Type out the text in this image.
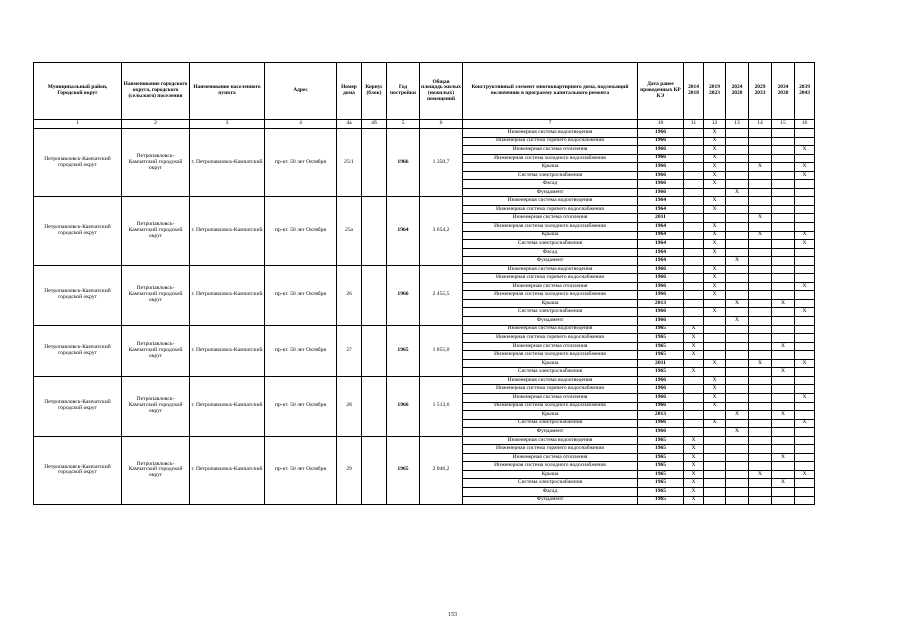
Муниципальный район, Городской округ	Наименование городского округа, городского (сельского) поселения	Наименование населенного пункта	Адрес	Номер дома	Корпус (блок)	Год постройки	Общая площадь жилых (нежилых) помещений	Конструктивный элемент многоквартирного дома, подлежащий включению в программу капитального ремонта	Дата ранее проведенных КР КЭ	2014 2018	2019 2023	2024 2028	2029 2033	2034 2038	2039 2043
1	2	3	4	4а	4б	5	6	7	10	11	12	13	14	15	16
Петропавловск-Камчатский городской округ	Петропавловск-Камчатский городской округ	г. Петропавловск-Камчатский	пр-кт. 50 лет Октября	25/1		1966	1 350,7	Инженерная система водоотведения	1966		X				
								Инженерная система горячего водоснабжения	1966		X				
								Инженерная система отопления	1966		X				X
								Инженерная система холодного водоснабжения	1966		X				
								Крыша	1966		X		X		X
								Система электроснабжения	1966		X				X
								Фасад	1966		X				
								Фундамент	1966			X			
Петропавловск-Камчатский городской округ	Петропавловск-Камчатский городской округ	г. Петропавловск-Камчатский	пр-кт. 50 лет Октября	25а		1964	3 654,2	Инженерная система водоотведения	1964		X				
								Инженерная система горячего водоснабжения	1964		X				
								Инженерная система отопления	2011				X		
								Инженерная система холодного водоснабжения	1964		X				
								Крыша	1964		X		X		X
								Система электроснабжения	1964		X				X
								Фасад	1964		X				
								Фундамент	1964			X			
Петропавловск-Камчатский городской округ	Петропавловск-Камчатский городской округ	г. Петропавловск-Камчатский	пр-кт. 50 лет Октября	26		1966	2 455,5	Инженерная система водоотведения	1966		X				
								Инженерная система горячего водоснабжения	1966		X				
								Инженерная система отопления	1966		X				X
								Инженерная система холодного водоснабжения	1966		X				
								Крыша	2013			X		X	
								Система электроснабжения	1966		X				X
								Фундамент	1966			X			
Петропавловск-Камчатский городской округ	Петропавловск-Камчатский городской округ	г. Петропавловск-Камчатский	пр-кт. 50 лет Октября	27		1965	1 855,0	Инженерная система водоотведения	1965	X					
								Инженерная система горячего водоснабжения	1965	X					
								Инженерная система отопления	1965	X				X	
								Инженерная система холодного водоснабжения	1965	X					
								Крыша	2011		X		X		X
								Система электроснабжения	1965	X				X	
Петропавловск-Камчатский городской округ	Петропавловск-Камчатский городской округ	г. Петропавловск-Камчатский	пр-кт. 50 лет Октября	28		1966	1 513,6	Инженерная система водоотведения	1966		X				
								Инженерная система горячего водоснабжения	1966		X				
								Инженерная система отопления	1966		X				X
								Инженерная система холодного водоснабжения	1966		X				
								Крыша	2013			X		X	
								Система электроснабжения	1966		X				X
								Фундамент	1966			X			
Петропавловск-Камчатский городской округ	Петропавловск-Камчатский городской округ	г. Петропавловск-Камчатский	пр-кт. 50 лет Октября	29		1965	2 046,2	Инженерная система водоотведения	1965	X					
								Инженерная система горячего водоснабжения	1965	X					
								Инженерная система отопления	1965	X				X	
								Инженерная система холодного водоснабжения	1965	X					
								Крыша	1965	X			X		X
								Система электроснабжения	1965	X				X	
								Фасад	1965	X					
								Фундамент	1965	X					
153
